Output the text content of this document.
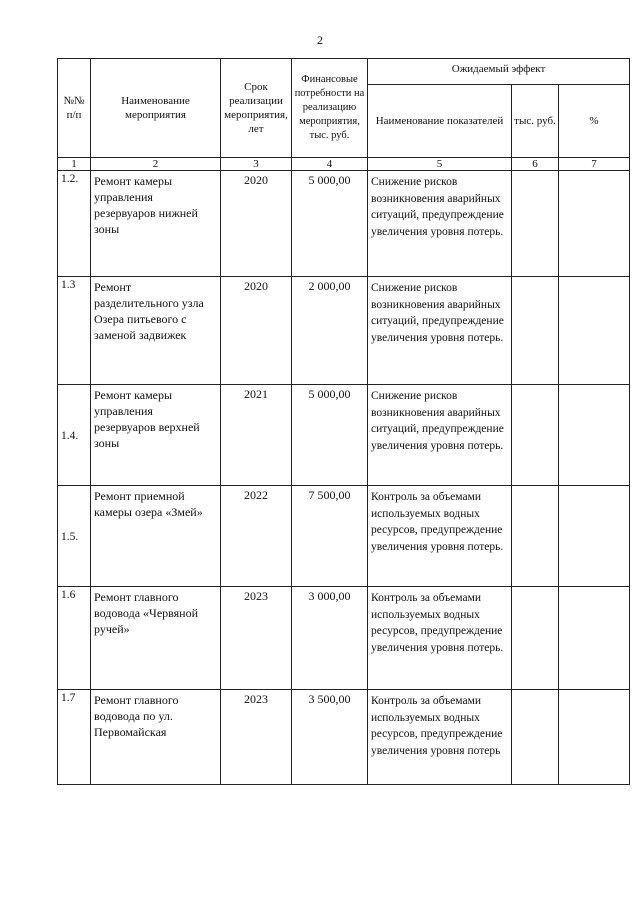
2
№№ п/п	Наименование мероприятия	Срок реализации мероприятия, лет	Финансовые потребности на реализацию мероприятия, тыс. руб.	Ожидаемый эффект		
				Наименование показателей	тыс. руб.	%
1	2	3	4	5	6	7
1.2.	Ремонт камеры управления резервуаров нижней зоны	2020	5 000,00	Снижение рисков возникновения аварийных ситуаций, предупреждение увеличения уровня потерь.		
1.3	Ремонт разделительного узла Озера питьевого с заменой задвижек	2020	2 000,00	Снижение рисков возникновения аварийных ситуаций, предупреждение увеличения уровня потерь.		
1.4.	Ремонт камеры управления резервуаров верхней зоны	2021	5 000,00	Снижение рисков возникновения аварийных ситуаций, предупреждение увеличения уровня потерь.		
1.5.	Ремонт приемной камеры озера «Змей»	2022	7 500,00	Контроль за объемами используемых водных ресурсов, предупреждение увеличения уровня потерь.		
1.6	Ремонт главного водовода «Червяной ручей»	2023	3 000,00	Контроль за объемами используемых водных ресурсов, предупреждение увеличения уровня потерь.		
1.7	Ремонт главного водовода по ул. Первомайская	2023	3 500,00	Контроль за объемами используемых водных ресурсов, предупреждение увеличения уровня потерь		
